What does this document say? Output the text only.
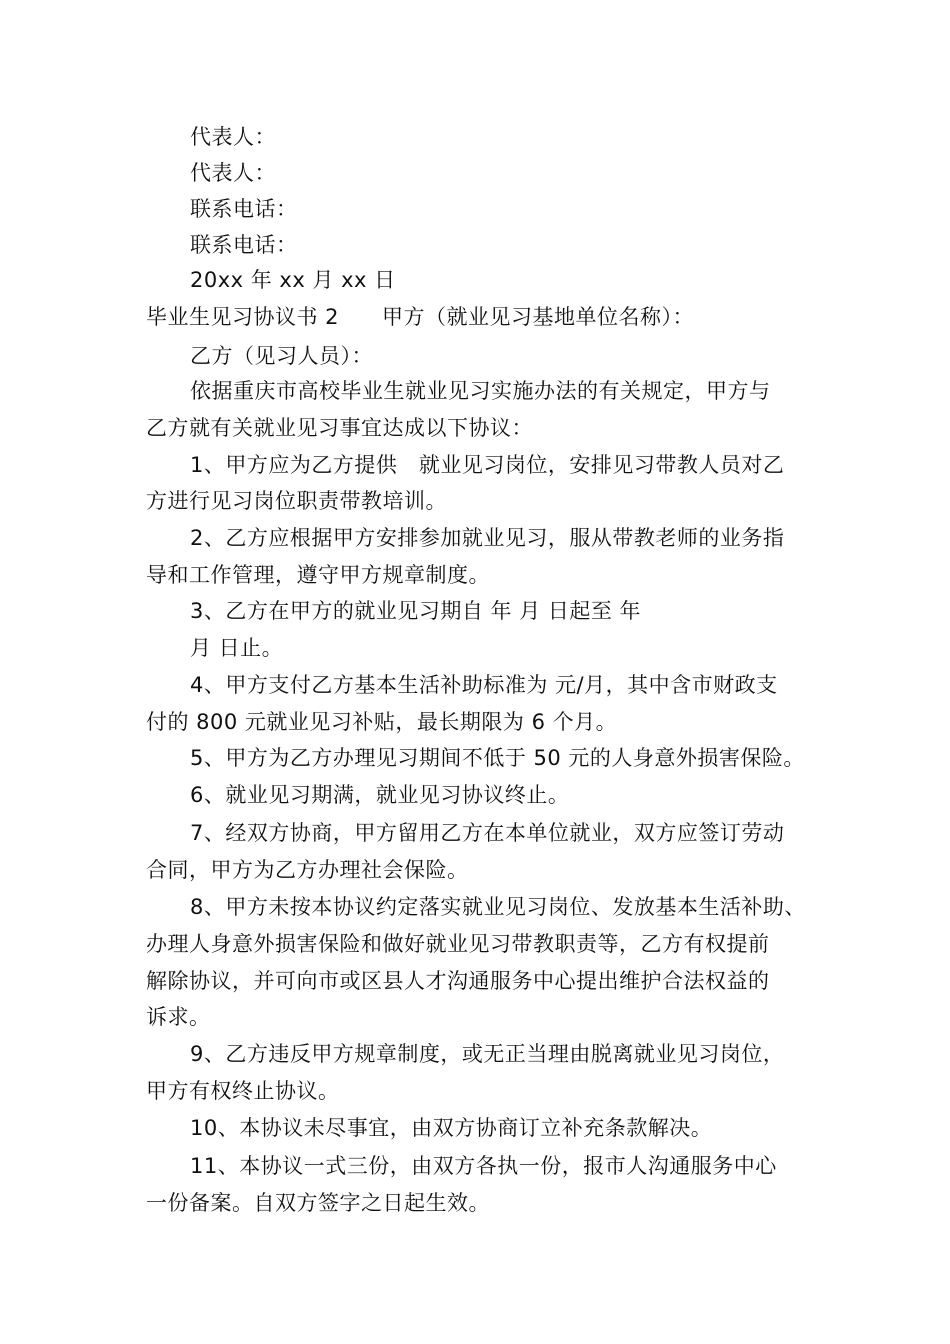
代表人：
代表人：
联系电话：
联系电话：
20xx 年 xx 月 xx 日
毕业生见习协议书 2　　甲方（就业见习基地单位名称）：
乙方（见习人员）：
依据重庆市高校毕业生就业见习实施办法的有关规定，甲方与
乙方就有关就业见习事宜达成以下协议：
1、甲方应为乙方提供　就业见习岗位，安排见习带教人员对乙
方进行见习岗位职责带教培训。
2、乙方应根据甲方安排参加就业见习，服从带教老师的业务指
导和工作管理，遵守甲方规章制度。
3、乙方在甲方的就业见习期自 年 月 日起至 年
月 日止。
4、甲方支付乙方基本生活补助标准为 元/月，其中含市财政支
付的 800 元就业见习补贴，最长期限为 6 个月。
5、甲方为乙方办理见习期间不低于 50 元的人身意外损害保险。
6、就业见习期满，就业见习协议终止。
7、经双方协商，甲方留用乙方在本单位就业，双方应签订劳动
合同，甲方为乙方办理社会保险。
8、甲方未按本协议约定落实就业见习岗位、发放基本生活补助、
办理人身意外损害保险和做好就业见习带教职责等，乙方有权提前
解除协议，并可向市或区县人才沟通服务中心提出维护合法权益的
诉求。
9、乙方违反甲方规章制度，或无正当理由脱离就业见习岗位，
甲方有权终止协议。
10、本协议未尽事宜，由双方协商订立补充条款解决。
11、本协议一式三份，由双方各执一份，报市人沟通服务中心
一份备案。自双方签字之日起生效。
